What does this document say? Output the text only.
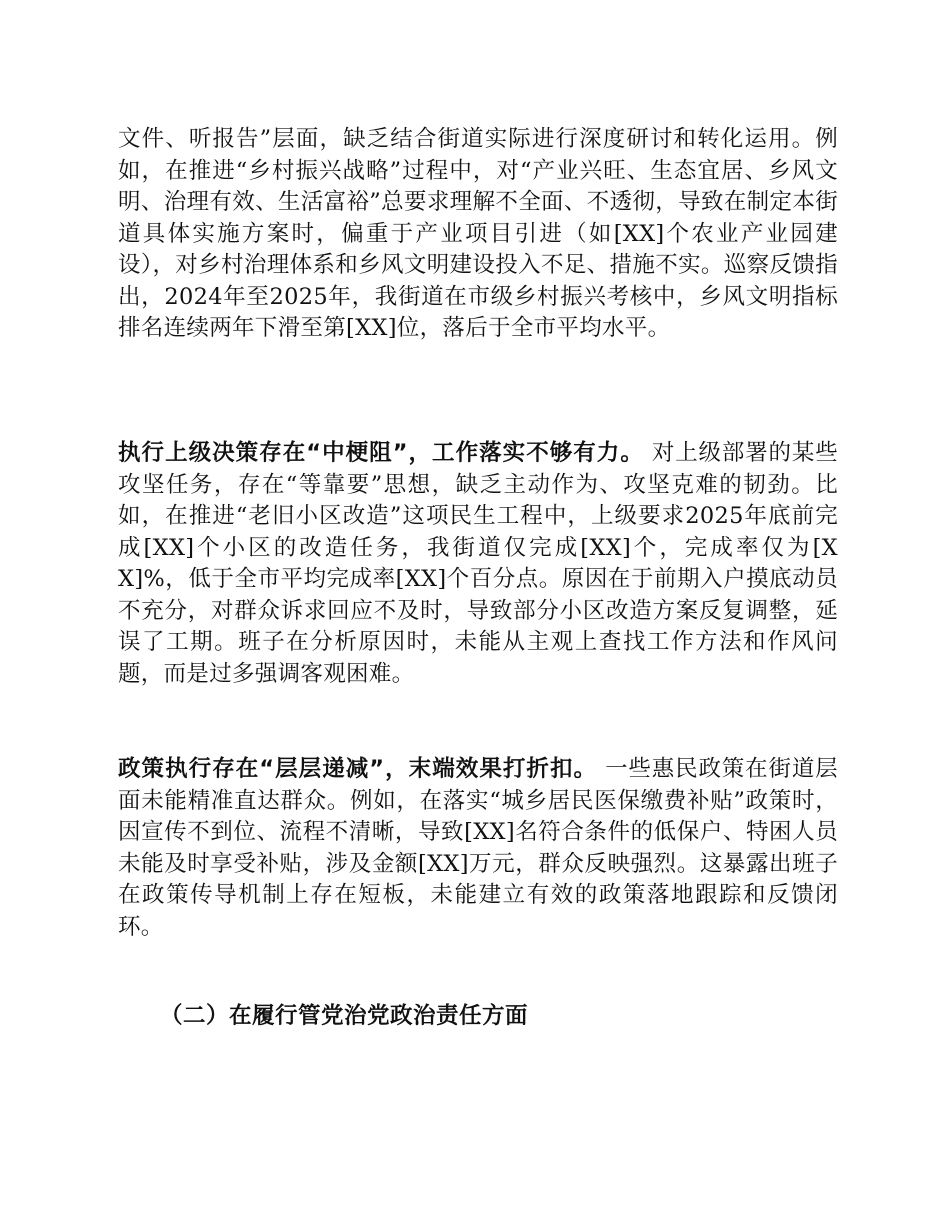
文件、听报告”层面，缺乏结合街道实际进行深度研讨和转化运用。例如，在推进“乡村振兴战略”过程中，对“产业兴旺、生态宜居、乡风文明、治理有效、生活富裕”总要求理解不全面、不透彻，导致在制定本街道具体实施方案时，偏重于产业项目引进（如[XX]个农业产业园建设），对乡村治理体系和乡风文明建设投入不足、措施不实。巡察反馈指出，2024年至2025年，我街道在市级乡村振兴考核中，乡风文明指标排名连续两年下滑至第[XX]位，落后于全市平均水平。

执行上级决策存在“中梗阻”，工作落实不够有力。 对上级部署的某些攻坚任务，存在“等靠要”思想，缺乏主动作为、攻坚克难的韧劲。比如，在推进“老旧小区改造”这项民生工程中，上级要求2025年底前完成[XX]个小区的改造任务，我街道仅完成[XX]个，完成率仅为[XX]%，低于全市平均完成率[XX]个百分点。原因在于前期入户摸底动员不充分，对群众诉求回应不及时，导致部分小区改造方案反复调整，延误了工期。班子在分析原因时，未能从主观上查找工作方法和作风问题，而是过多强调客观困难。

政策执行存在“层层递减”，末端效果打折扣。 一些惠民政策在街道层面未能精准直达群众。例如，在落实“城乡居民医保缴费补贴”政策时，因宣传不到位、流程不清晰，导致[XX]名符合条件的低保户、特困人员未能及时享受补贴，涉及金额[XX]万元，群众反映强烈。这暴露出班子在政策传导机制上存在短板，未能建立有效的政策落地跟踪和反馈闭环。

（二）在履行管党治党政治责任方面
